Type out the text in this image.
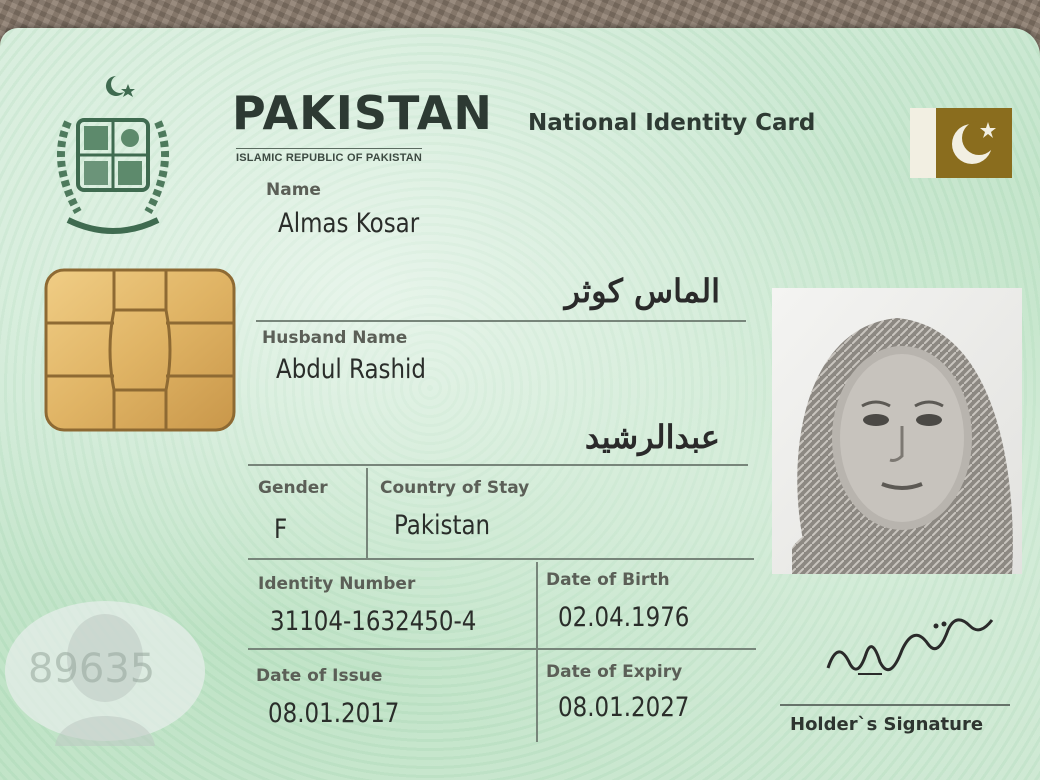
PAKISTAN
ISLAMIC REPUBLIC OF PAKISTAN
National Identity Card
Name
Almas Kosar
الماس کوثر
Husband Name
Abdul Rashid
عبدالرشید
Gender
F
Country of Stay
Pakistan
Identity Number
31104-1632450-4
Date of Birth
02.04.1976
Date of Issue
08.01.2017
Date of Expiry
08.01.2027
89635
Holder`s Signature
